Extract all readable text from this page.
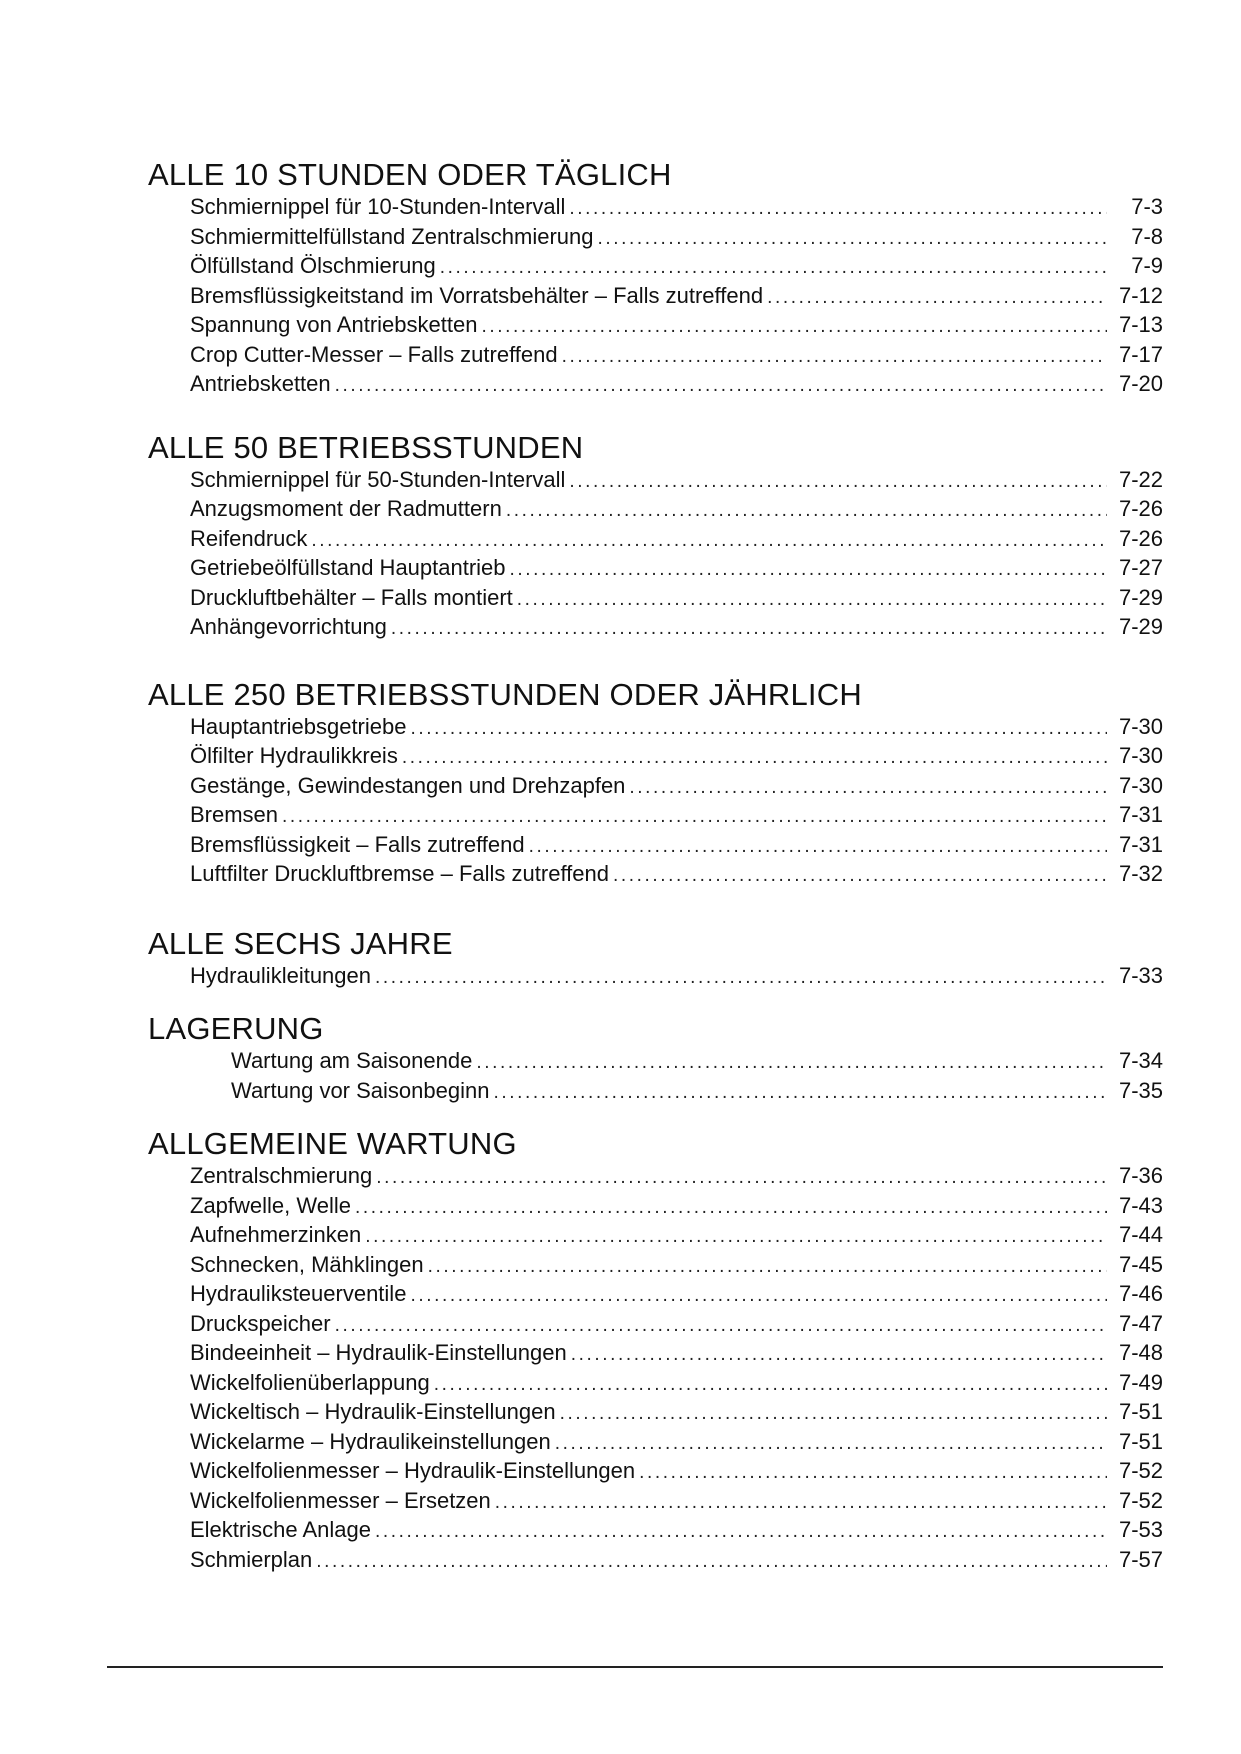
ALLE 10 STUNDEN ODER TÄGLICH
Schmiernippel für 10-Stunden-Intervall .....	7-3
Schmiermittelfüllstand Zentralschmierung .....	7-8
Ölfüllstand Ölschmierung .....	7-9
Bremsflüssigkeitstand im Vorratsbehälter – Falls zutreffend .....	7-12
Spannung von Antriebsketten .....	7-13
Crop Cutter-Messer – Falls zutreffend .....	7-17
Antriebsketten .....	7-20
ALLE 50 BETRIEBSSTUNDEN
Schmiernippel für 50-Stunden-Intervall .....	7-22
Anzugsmoment der Radmuttern .....	7-26
Reifendruck .....	7-26
Getriebeölfüllstand Hauptantrieb .....	7-27
Druckluftbehälter – Falls montiert .....	7-29
Anhängevorrichtung .....	7-29
ALLE 250 BETRIEBSSTUNDEN ODER JÄHRLICH
Hauptantriebsgetriebe .....	7-30
Ölfilter Hydraulikkreis .....	7-30
Gestänge, Gewindestangen und Drehzapfen .....	7-30
Bremsen .....	7-31
Bremsflüssigkeit – Falls zutreffend .....	7-31
Luftfilter Druckluftbremse – Falls zutreffend .....	7-32
ALLE SECHS JAHRE
Hydraulikleitungen .....	7-33
LAGERUNG
Wartung am Saisonende .....	7-34
Wartung vor Saisonbeginn .....	7-35
ALLGEMEINE WARTUNG
Zentralschmierung .....	7-36
Zapfwelle, Welle .....	7-43
Aufnehmerzinken .....	7-44
Schnecken, Mähklingen .....	7-45
Hydrauliksteuerventile .....	7-46
Druckspeicher .....	7-47
Bindeeinheit – Hydraulik-Einstellungen .....	7-48
Wickelfolienüberlappung .....	7-49
Wickeltisch – Hydraulik-Einstellungen .....	7-51
Wickelarme – Hydraulikeinstellungen .....	7-51
Wickelfolienmesser – Hydraulik-Einstellungen .....	7-52
Wickelfolienmesser – Ersetzen .....	7-52
Elektrische Anlage .....	7-53
Schmierplan .....	7-57
